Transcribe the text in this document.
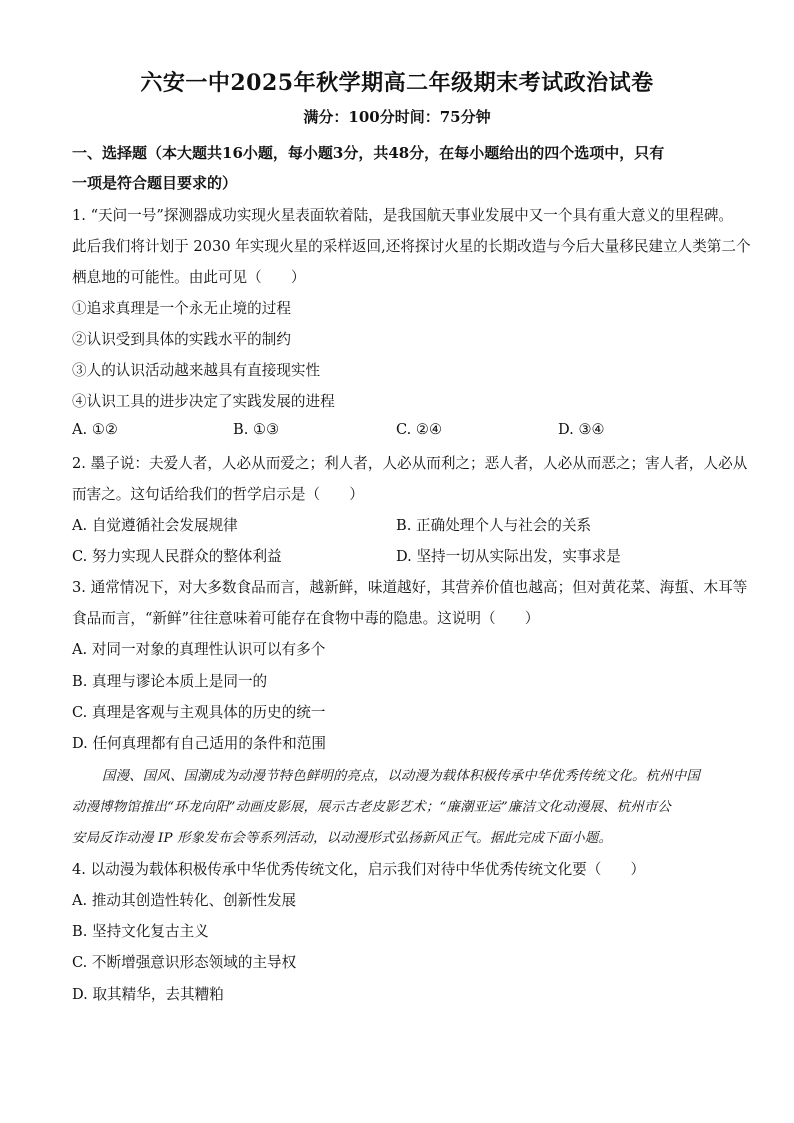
六安一中2025年秋学期高二年级期末考试政治试卷
满分：100分时间：75分钟
一、选择题（本大题共16小题，每小题3分，共48分，在每小题给出的四个选项中，只有
一项是符合题目要求的）
1. “天问一号”探测器成功实现火星表面软着陆，是我国航天事业发展中又一个具有重大意义的里程碑。
此后我们将计划于 2030 年实现火星的采样返回,还将探讨火星的长期改造与今后大量移民建立人类第二个
栖息地的可能性。由此可见（　　）
①追求真理是一个永无止境的过程
②认识受到具体的实践水平的制约
③人的认识活动越来越具有直接现实性
④认识工具的进步决定了实践发展的进程
A. ①②	B. ①③	C. ②④	D. ③④
2. 墨子说：夫爱人者，人必从而爱之；利人者，人必从而利之；恶人者，人必从而恶之；害人者，人必从
而害之。这句话给我们的哲学启示是（　　）
A. 自觉遵循社会发展规律	B. 正确处理个人与社会的关系
C. 努力实现人民群众的整体利益	D. 坚持一切从实际出发，实事求是
3. 通常情况下，对大多数食品而言，越新鲜，味道越好，其营养价值也越高；但对黄花菜、海蜇、木耳等
食品而言，“新鲜”往往意味着可能存在食物中毒的隐患。这说明（　　）
A. 对同一对象的真理性认识可以有多个
B. 真理与谬论本质上是同一的
C. 真理是客观与主观具体的历史的统一
D. 任何真理都有自己适用的条件和范围
国漫、国风、国潮成为动漫节特色鲜明的亮点，以动漫为载体积极传承中华优秀传统文化。杭州中国
动漫博物馆推出“环龙向阳”动画皮影展，展示古老皮影艺术；“廉潮亚运”廉洁文化动漫展、杭州市公
安局反诈动漫 IP 形象发布会等系列活动，以动漫形式弘扬新风正气。据此完成下面小题。
4. 以动漫为载体积极传承中华优秀传统文化，启示我们对待中华优秀传统文化要（　　）
A. 推动其创造性转化、创新性发展
B. 坚持文化复古主义
C. 不断增强意识形态领域的主导权
D. 取其精华，去其糟粕
